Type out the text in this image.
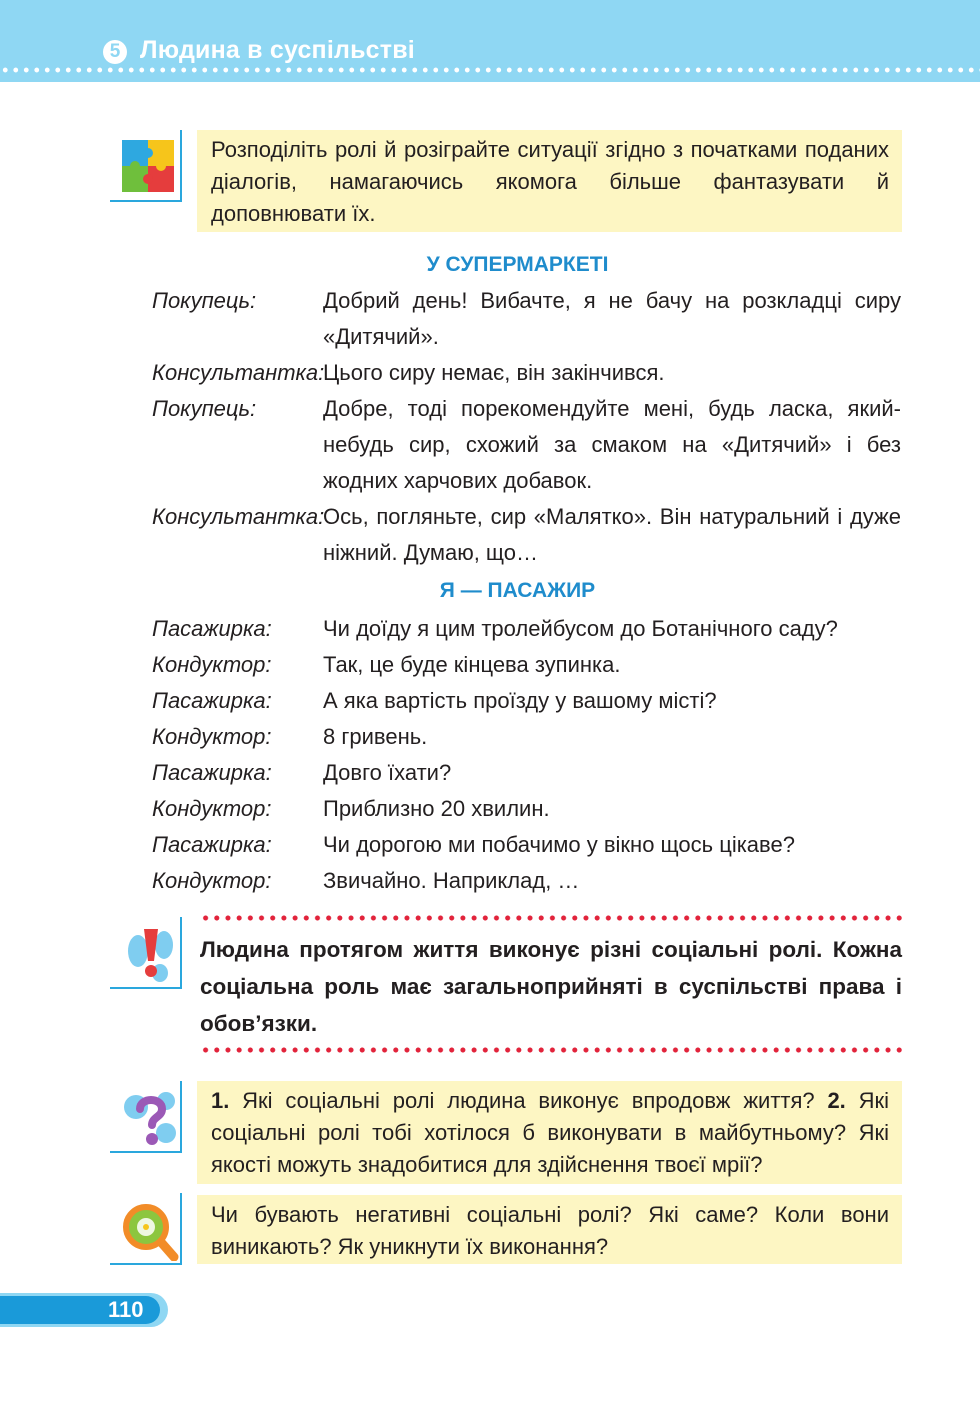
5 Людина в суспільстві
Розподіліть ролі й розіграйте ситуації згідно з початками поданих діалогів, намагаючись якомога більше фантазувати й доповнювати їх.
У СУПЕРМАРКЕТІ
Покупець:	Добрий день! Вибачте, я не бачу на розкладці сиру «Дитячий».
Консультантка:
Цього сиру немає, він закінчився.
Покупець:	Добре, тоді порекомендуйте мені, будь ласка, який-небудь сир, схожий за смаком на «Дитячий» і без жодних харчових добавок.
Консультантка:
Ось, погляньте, сир «Малятко». Він натуральний і дуже ніжний. Думаю, що…
Я — ПАСАЖИР
Пасажирка: Чи доїду я цим тролейбусом до Ботанічного саду?
Кондуктор: Так, це буде кінцева зупинка.
Пасажирка: А яка вартість проїзду у вашому місті?
Кондуктор: 8 гривень.
Пасажирка: Довго їхати?
Кондуктор: Приблизно 20 хвилин.
Пасажирка: Чи дорогою ми побачимо у вікно щось цікаве?
Кондуктор: Звичайно. Наприклад, …
Людина протягом життя виконує різні соціальні ролі. Кожна соціальна роль має загальноприйняті в суспільстві права і обов’язки.
1. Які соціальні ролі людина виконує впродовж життя? 2. Які соціальні ролі тобі хотілося б виконувати в майбутньому? Які якості можуть знадобитися для здійснення твоєї мрії?
Чи бувають негативні соціальні ролі? Які саме? Коли вони виникають? Як уникнути їх виконання?
110
